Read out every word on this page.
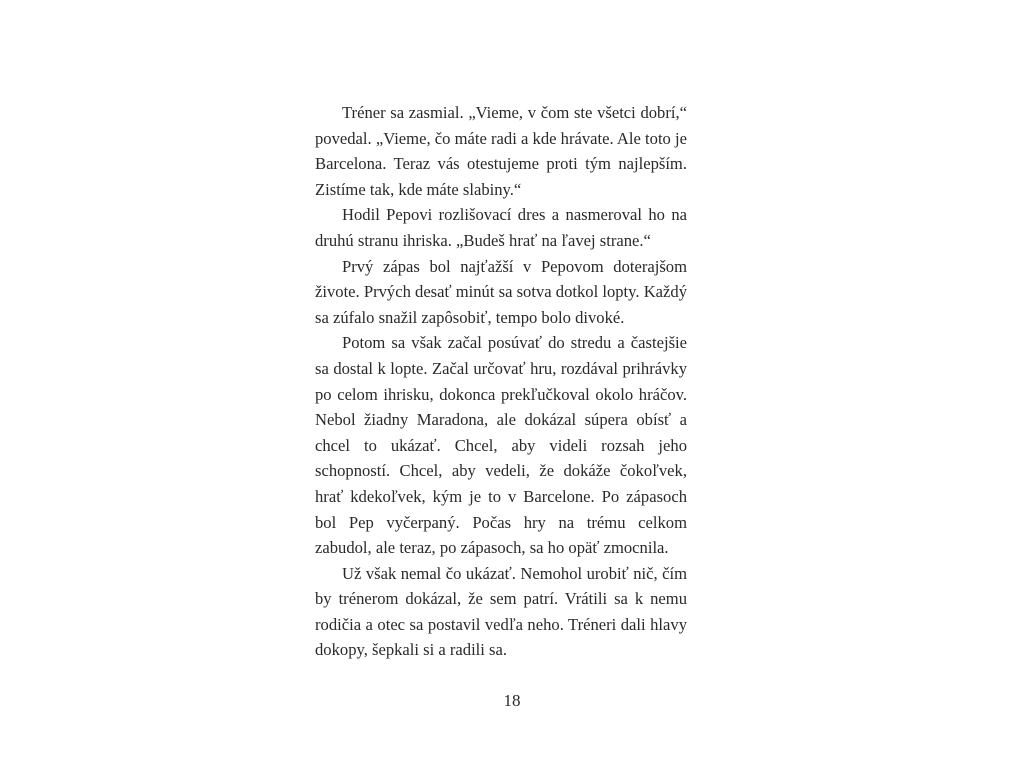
Tréner sa zasmial. „Vieme, v čom ste všetci dobrí,“ povedal. „Vieme, čo máte radi a kde hrávate. Ale toto je Barcelona. Teraz vás otestujeme proti tým najlepším. Zistíme tak, kde máte slabiny.“

Hodil Pepovi rozlišovací dres a nasmeroval ho na druhú stranu ihriska. „Budeš hrať na ľavej strane.“

Prvý zápas bol najťažší v Pepovom doterajšom živote. Prvých desať minút sa sotva dotkol lopty. Každý sa zúfalo snažil zapôsobiť, tempo bolo divoké.

Potom sa však začal posúvať do stredu a častejšie sa dostal k lopte. Začal určovať hru, rozdával prihrávky po celom ihrisku, dokonca prekľučkoval okolo hráčov. Nebol žiadny Maradona, ale dokázal súpera obísť a chcel to ukázať. Chcel, aby videli rozsah jeho schopností. Chcel, aby vedeli, že dokáže čokoľvek, hrať kdekoľvek, kým je to v Barcelone. Po zápasoch bol Pep vyčerpaný. Počas hry na trému celkom zabudol, ale teraz, po zápasoch, sa ho opäť zmocnila.

Už však nemal čo ukázať. Nemohol urobiť nič, čím by trénerom dokázal, že sem patrí. Vrátili sa k nemu rodičia a otec sa postavil vedľa neho. Tréneri dali hlavy dokopy, šepkali si a radili sa.

18
